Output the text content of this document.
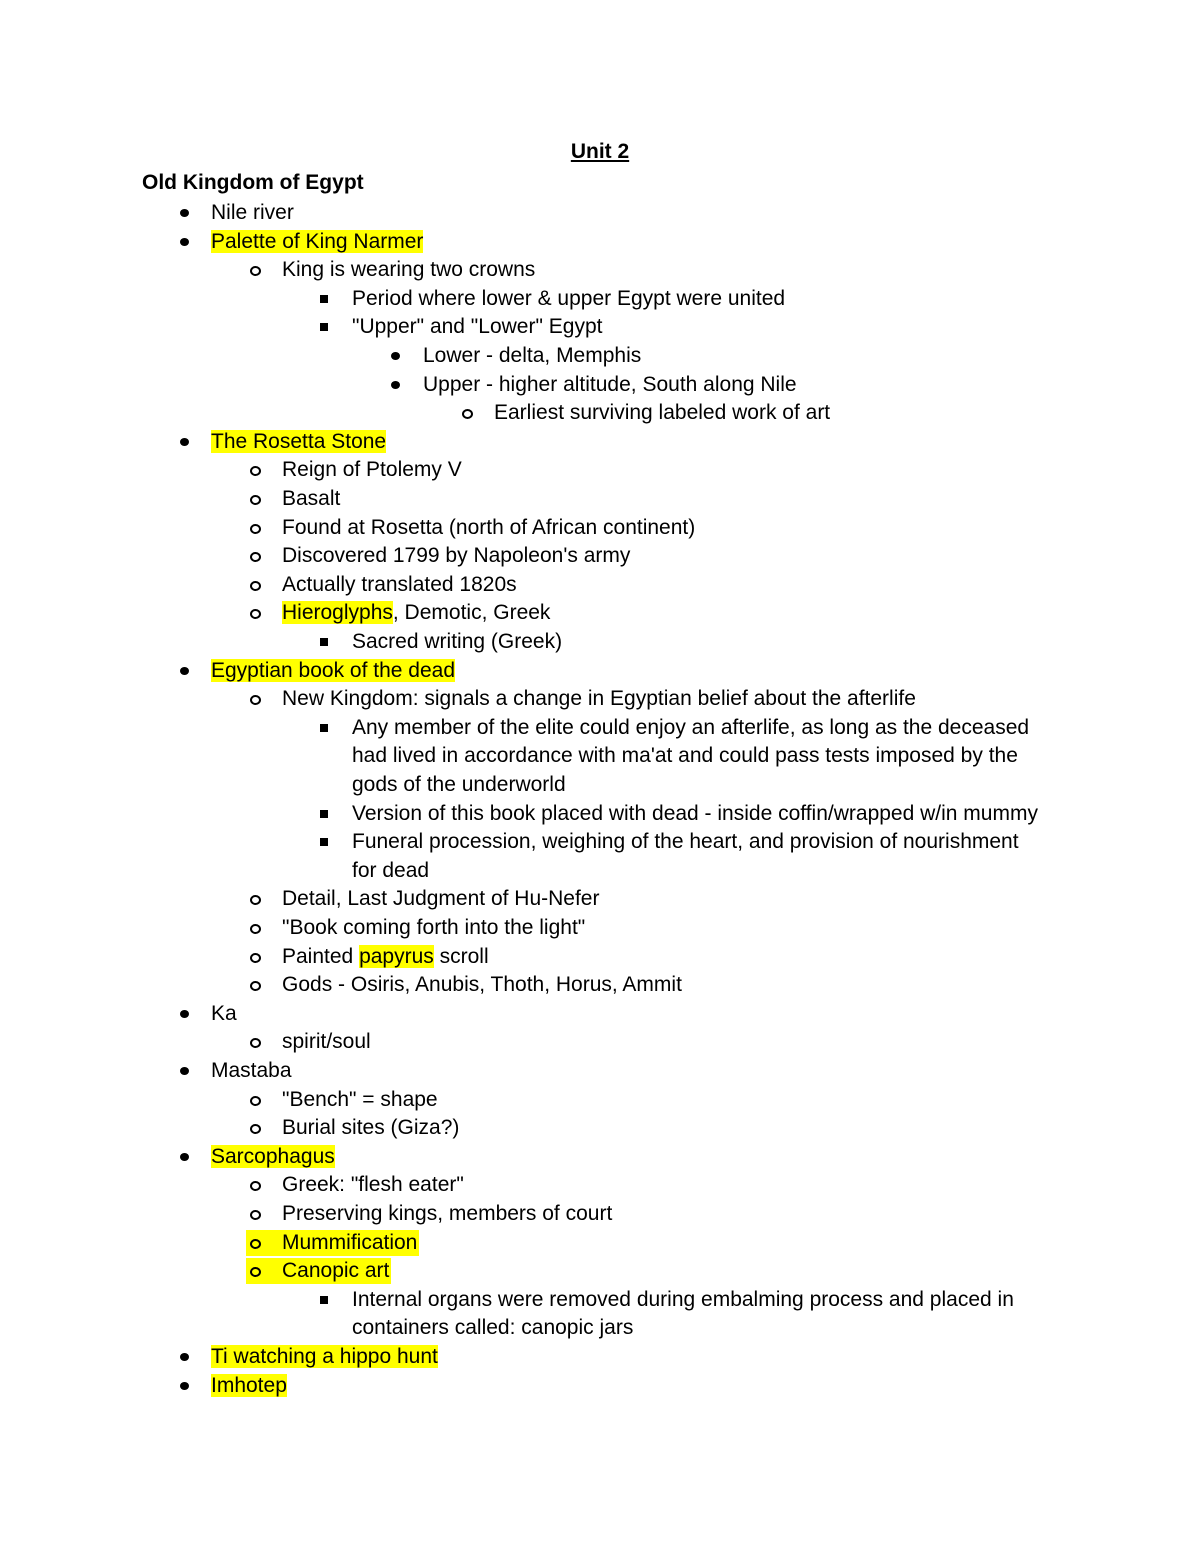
Unit 2
Old Kingdom of Egypt
Nile river
Palette of King Narmer
King is wearing two crowns
Period where lower & upper Egypt were united
"Upper" and "Lower" Egypt
Lower - delta, Memphis
Upper - higher altitude, South along Nile
Earliest surviving labeled work of art
The Rosetta Stone
Reign of Ptolemy V
Basalt
Found at Rosetta (north of African continent)
Discovered 1799 by Napoleon's army
Actually translated 1820s
Hieroglyphs, Demotic, Greek
Sacred writing (Greek)
Egyptian book of the dead
New Kingdom: signals a change in Egyptian belief about the afterlife
Any member of the elite could enjoy an afterlife, as long as the deceased
had lived in accordance with ma'at and could pass tests imposed by the
gods of the underworld
Version of this book placed with dead - inside coffin/wrapped w/in mummy
Funeral procession, weighing of the heart, and provision of nourishment
for dead
Detail, Last Judgment of Hu-Nefer
"Book coming forth into the light"
Painted papyrus scroll
Gods - Osiris, Anubis, Thoth, Horus, Ammit
Ka
spirit/soul
Mastaba
"Bench" = shape
Burial sites (Giza?)
Sarcophagus
Greek: "flesh eater"
Preserving kings, members of court
Mummification
Canopic art
Internal organs were removed during embalming process and placed in
containers called: canopic jars
Ti watching a hippo hunt
Imhotep
